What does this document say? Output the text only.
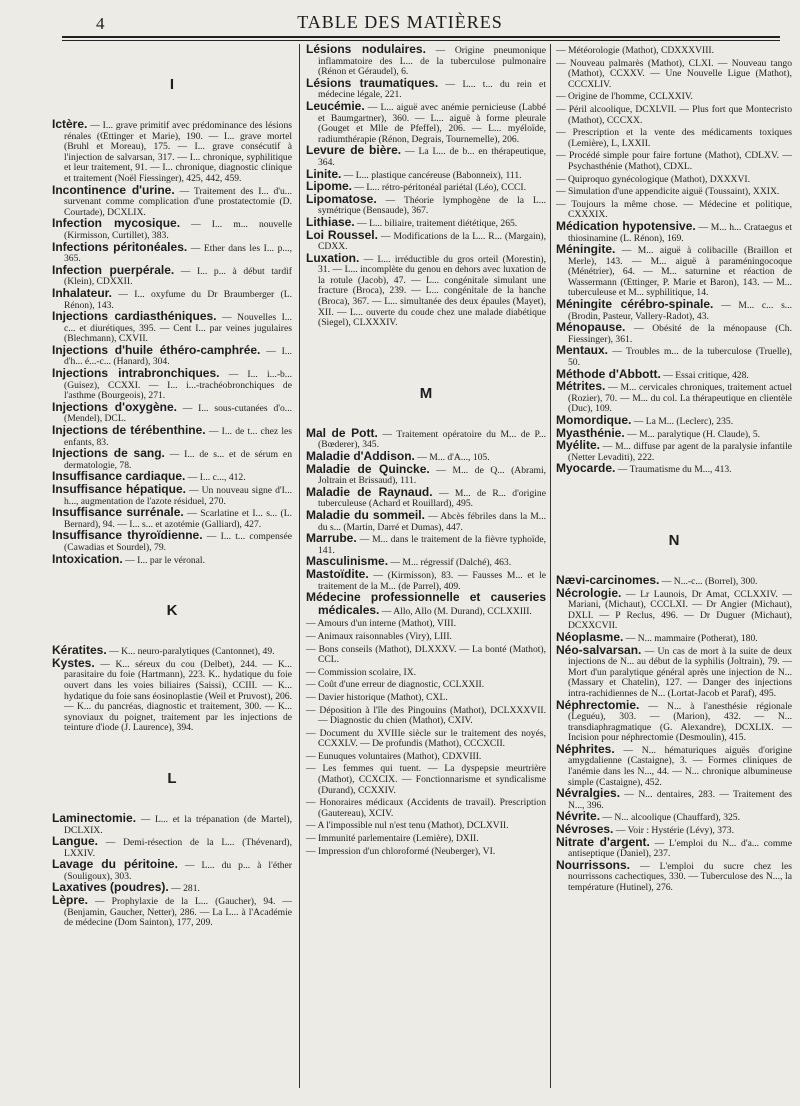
4	TABLE DES MATIÈRES
I

Ictère. — I... grave primitif avec prédominance des lésions rénales (Œttinger et Marie), 190. — I... grave mortel (Bruhl et Moreau), 175. — I... grave consécutif à l'injection de salvarsan, 317. — I... chronique, syphilitique et leur traitement, 91. — I... chronique, diagnostic clinique et traitement (Noël Fiessinger), 425, 442, 459.

Incontinence d'urine. — Traitement des I... d'u... survenant comme complication d'une prostatectomie (D. Courtade), DCXLIX.

Infection mycosique. — I... m... nouvelle (Kirmisson, Curtillet), 383.

Infections péritonéales. — Ether dans les I... p..., 365.

Infection puerpérale. — I... p... à début tardif (Klein), CDXXII.

Inhalateur. — I... oxyfume du Dr Braumberger (L. Rénon), 143.

Injections cardiasthéniques. — Nouvelles I... c... et diurétiques, 395. — Cent I... par veines jugulaires (Blechmann), CXVII.

Injections d'huile éthéro-camphrée. — I... d'h... é...-c... (Hanard), 304.

Injections intrabronchiques. — I... i...-b... (Guisez), CCXXI. — I... i...-trachéobronchiques de l'asthme (Bourgeois), 271.

Injections d'oxygène. — I... sous-cutanées d'o... (Mendel), DCL.

Injections de térébenthine. — I... de t... chez les enfants, 83.

Injections de sang. — I... de s... et de sérum en dermatologie, 78.

Insuffisance cardiaque. — I... c..., 412.

Insuffisance hépatique. — Un nouveau signe d'I... h..., augmentation de l'azote résiduel, 270.

Insuffisance surrénale. — Scarlatine et I... s... (L. Bernard), 94. — I... s... et azotémie (Galliard), 427.

Insuffisance thyroïdienne. — I... t... compensée (Cawadias et Sourdel), 79.

Intoxication. — I... par le véronal.

K

Kératites. — K... neuro-paralytiques (Cantonnet), 49.

Kystes. — K... séreux du cou (Delbet), 244. — K... parasitaire du foie (Hartmann), 223. K.. hydatique du foie ouvert dans les voies biliaires (Saissi), CCIII. — K... hydatique du foie sans éosinoplastie (Weil et Pruvost), 206. — K... du pancréas, diagnostic et traitement, 300. — K... synoviaux du poignet, traitement par les injections de teinture d'iode (J. Laurence), 394.

L

Laminectomie. — L... et la trépanation (de Martel), DCLXIX.

Langue. — Demi-résection de la L... (Thévenard), LXXIV.

Lavage du péritoine. — L... du p... à l'éther (Souligoux), 303.

Laxatives (poudres). — 281.

Lèpre. — Prophylaxie de la L... (Gaucher), 94. — (Benjamin, Gaucher, Netter), 286. — La L... à l'Académie de médecine (Dom Sainton), 177, 209.

Lésions nodulaires. — Origine pneumonique inflammatoire des L... de la tuberculose pulmonaire (Rénon et Géraudel), 6.

Lésions traumatiques. — L... t... du rein et médecine légale, 221.

Leucémie. — L... aiguë avec anémie pernicieuse (Labbé et Baumgartner), 360. — L... aiguë à forme pleurale (Gouget et Mlle de Pfeffel), 206. — L... myéloïde, radiumthérapie (Rénon, Degrais, Tournemelle), 206.

Levure de bière. — La L... de b... en thérapeutique, 364.

Linite. — L... plastique cancéreuse (Babonneix), 111.

Lipome. — L... rétro-péritonéal pariétal (Léo), CCCI.

Lipomatose. — Théorie lymphogène de la L... symétrique (Bensaude), 367.

Lithiase. — L... biliaire, traitement diététique, 265.

Loi Roussel. — Modifications de la L... R... (Margain), CDXX.

Luxation. — L... irréductible du gros orteil (Morestin), 31. — L... incomplète du genou en dehors avec luxation de la rotule (Jacob), 47. — L... congénitale simulant une fracture (Broca), 239. — L... congénitale de la hanche (Broca), 367. — L... simultanée des deux épaules (Mayet), XII. — L... ouverte du coude chez une malade diabétique (Siegel), CLXXXIV.

M

Mal de Pott. — Traitement opératoire du M... de P... (Bœderer), 345.

Maladie d'Addison. — M... d'A..., 105.

Maladie de Quincke. — M... de Q... (Abrami, Joltrain et Brissaud), 111.

Maladie de Raynaud. — M... de R... d'origine tuberculeuse (Achard et Rouillard), 495.

Maladie du sommeil. — Abcès fébriles dans la M... du s... (Martin, Darré et Dumas), 447.

Marrube. — M... dans le traitement de la fièvre typhoïde, 141.

Masculinisme. — M... régressif (Dalché), 463.

Mastoïdite. — (Kirmisson), 83. — Fausses M... et le traitement de la M... (de Parrel), 409.

Médecine professionnelle et causeries médicales. — Allo, Allo (M. Durand), CCLXXIII.

— Amours d'un interne (Mathot), VIII.

— Animaux raisonnables (Viry), LIII.

— Bons conseils (Mathot), DLXXXV. — La bonté (Mathot), CCL.

— Commission scolaire, IX.

— Coût d'une erreur de diagnostic, CCLXXII.

— Davier historique (Mathot), CXL.

— Déposition à l'île des Pingouins (Mathot), DCLXXXVII. — Diagnostic du chien (Mathot), CXIV.

— Document du XVIIIe siècle sur le traitement des noyés, CCXXLV. — De profundis (Mathot), CCCXCII.

— Eunuques voluntaires (Mathot), CDXVIII.

— Les femmes qui tuent. — La dyspepsie meurtrière (Mathot), CCXCIX. — Fonctionnarisme et syndicalisme (Durand), CCXXIV.

— Honoraires médicaux (Accidents de travail). Prescription (Gautereau), XCIV.

— A l'impossible nul n'est tenu (Mathot), DCLXVII.

— Immunité parlementaire (Lemière), DXII.

— Impression d'un chloroformé (Neuberger), VI.

— Météorologie (Mathot), CDXXXVIII.

— Nouveau palmarès (Mathot), CLXI. — Nouveau tango (Mathot), CCXXV. — Une Nouvelle Ligue (Mathot), CCCXLIV.

— Origine de l'homme, CCLXXIV.

— Péril alcoolique, DCXLVII. — Plus fort que Montecristo (Mathot), CCCXX.

— Prescription et la vente des médicaments toxiques (Lemière), L, LXXII.

— Procédé simple pour faire fortune (Mathot), CDLXV. — Psychasthénie (Mathot), CDXL.

— Quiproquo gynécologique (Mathot), DXXXVI.

— Simulation d'une appendicite aiguë (Toussaint), XXIX.

— Toujours la même chose. — Médecine et politique, CXXXIX.

Médication hypotensive. — M... h... Crataegus et thiosinamine (L. Rénon), 169.

Méningite. — M... aiguë à colibacille (Braillon et Merle), 143. — M... aiguë à paraméningocoque (Ménétrier), 64. — M... saturnine et réaction de Wassermann (Œttinger, P. Marie et Baron), 143. — M... tuberculeuse et M... syphilitique, 14.

Méningite cérébro-spinale. — M... c... s... (Brodin, Pasteur, Vallery-Radot), 43.

Ménopause. — Obésité de la ménopause (Ch. Fiessinger), 361.

Mentaux. — Troubles m... de la tuberculose (Truelle), 50.

Méthode d'Abbott. — Essai critique, 428.

Métrites. — M... cervicales chroniques, traitement actuel (Rozier), 70. — M... du col. La thérapeutique en clientèle (Duc), 109.

Momordique. — La M... (Leclerc), 235.

Myasthénie. — M... paralytique (H. Claude), 5.

Myélite. — M... diffuse par agent de la paralysie infantile (Netter Levaditi), 222.

Myocarde. — Traumatisme du M..., 413.

N

Nævi-carcinomes. — N...-c... (Borrel), 300.

Nécrologie. — Lr Launois, Dr Amat, CCLXXIV. — Mariani, (Michaut), CCCLXI. — Dr Angier (Michaut), DXLI. — P Reclus, 496. — Dr Duguer (Michaut), DCXXCVII.

Néoplasme. — N... mammaire (Potherat), 180.

Néo-salvarsan. — Un cas de mort à la suite de deux injections de N... au début de la syphilis (Joltrain), 79. — Mort d'un paralytique général après une injection de N... (Massary et Chatelin), 127. — Danger des injections intra-rachidiennes de N... (Lortat-Jacob et Paraf), 495.

Néphrectomie. — N... à l'anesthésie régionale (Leguéu), 303. — (Marion), 432. — N... transdiaphragmatique (G. Alexandre), DCXLIX. — Incision pour néphrectomie (Desmoulin), 415.

Néphrites. — N... hématuriques aiguës d'origine amygdalienne (Castaigne), 3. — Formes cliniques de l'anémie dans les N..., 44. — N... chronique albumineuse simple (Castaigne), 452.

Névralgies. — N... dentaires, 283. — Traitement des N..., 396.

Névrite. — N... alcoolique (Chauffard), 325.

Névroses. — Voir : Hystérie (Lévy), 373.

Nitrate d'argent. — L'emploi du N... d'a... comme antiseptique (Daniel), 237.

Nourrissons. — L'emploi du sucre chez les nourrissons cachectiques, 330. — Tuberculose des N..., la température (Hutinel), 276.
